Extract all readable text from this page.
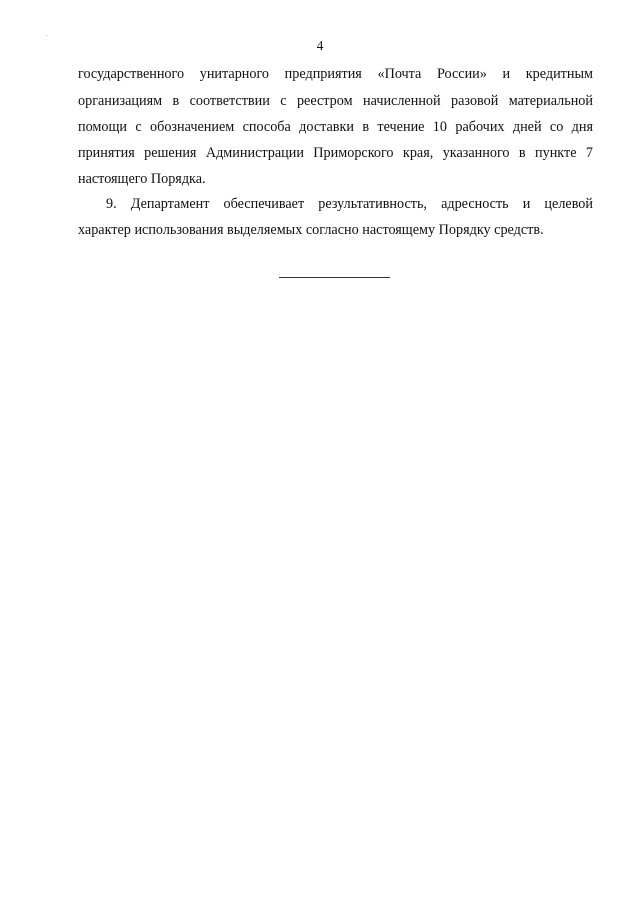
4
государственного унитарного предприятия «Почта России» и кредитным
организациям в соответствии с реестром начисленной разовой материальной
помощи с обозначением способа доставки в течение 10 рабочих дней со дня
принятия решения Администрации Приморского края, указанного в пункте 7
настоящего Порядка.
9. Департамент обеспечивает результативность, адресность и целевой
характер использования выделяемых согласно настоящему Порядку средств.
